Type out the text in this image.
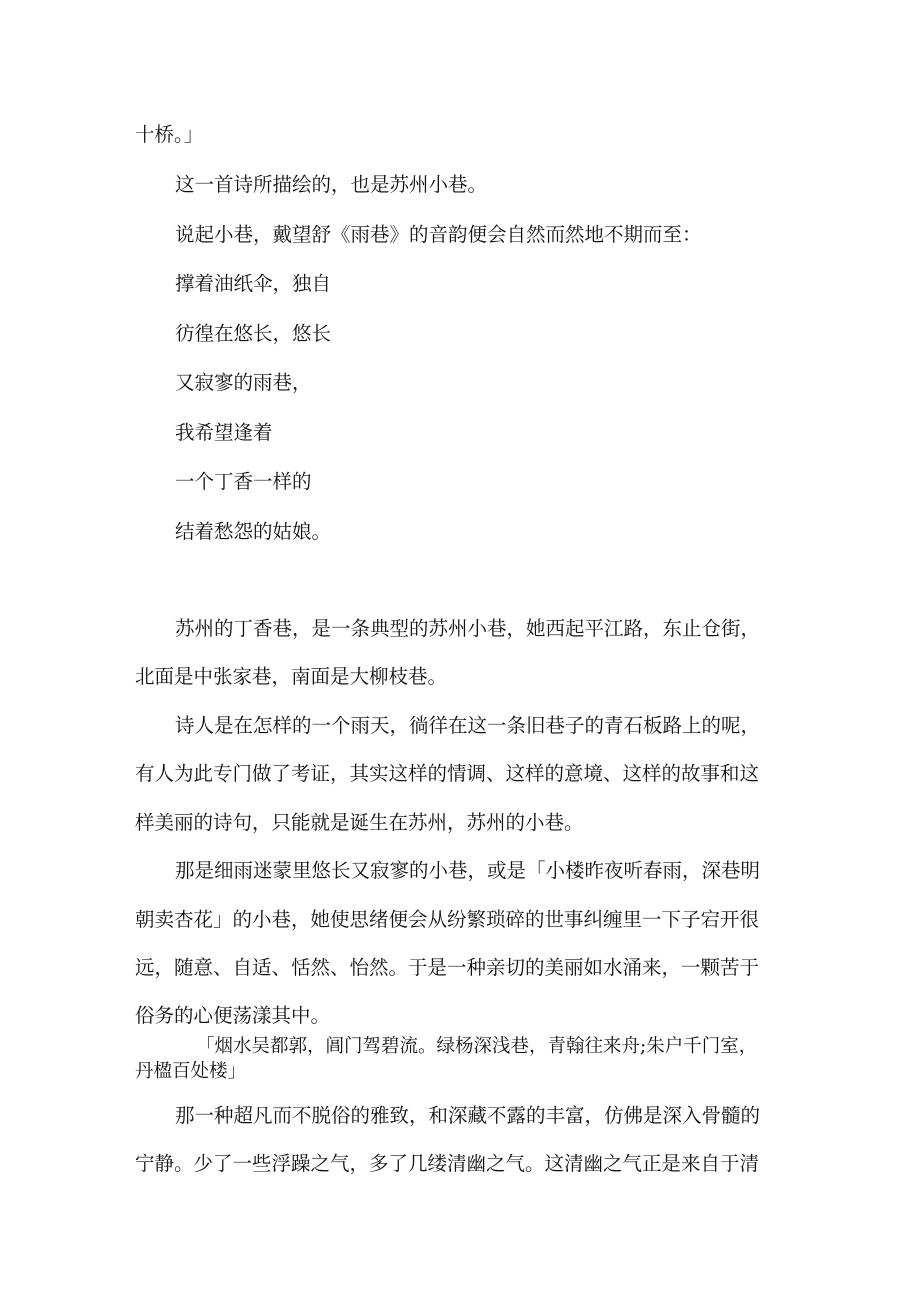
十桥。」

这一首诗所描绘的，也是苏州小巷。

说起小巷，戴望舒《雨巷》的音韵便会自然而然地不期而至：

撑着油纸伞，独自

彷徨在悠长，悠长

又寂寥的雨巷，

我希望逢着

一个丁香一样的

结着愁怨的姑娘。

苏州的丁香巷，是一条典型的苏州小巷，她西起平江路，东止仓街，

北面是中张家巷，南面是大柳枝巷。

诗人是在怎样的一个雨天，徜徉在这一条旧巷子的青石板路上的呢，

有人为此专门做了考证，其实这样的情调、这样的意境、这样的故事和这

样美丽的诗句，只能就是诞生在苏州，苏州的小巷。

那是细雨迷蒙里悠长又寂寥的小巷，或是「小楼昨夜听春雨，深巷明

朝卖杏花」的小巷，她使思绪便会从纷繁琐碎的世事纠缠里一下子宕开很

远，随意、自适、恬然、怡然。于是一种亲切的美丽如水涌来，一颗苦于

俗务的心便荡漾其中。

「烟水吴都郭，阊门驾碧流。绿杨深浅巷，青翰往来舟;朱户千门室，

丹楹百处楼」

那一种超凡而不脱俗的雅致，和深藏不露的丰富，仿佛是深入骨髓的

宁静。少了一些浮躁之气，多了几缕清幽之气。这清幽之气正是来自于清
